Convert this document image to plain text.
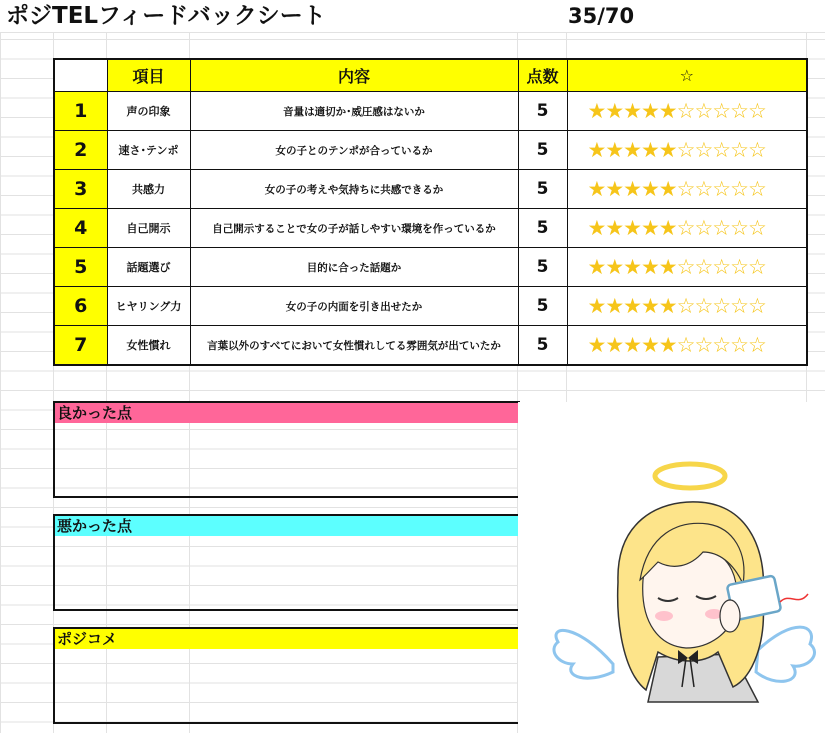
ポジTELフィードバックシート	35/70
	項目	内容	点数	☆
1	声の印象	音量は適切か･威圧感はないか	5	★★★★★☆☆☆☆☆
2	速さ･テンポ	女の子とのテンポが合っているか	5	★★★★★☆☆☆☆☆
3	共感力	女の子の考えや気持ちに共感できるか	5	★★★★★☆☆☆☆☆
4	自己開示	自己開示することで女の子が話しやすい環境を作っているか	5	★★★★★☆☆☆☆☆
5	話題選び	目的に合った話題か	5	★★★★★☆☆☆☆☆
6	ヒヤリング力	女の子の内面を引き出せたか	5	★★★★★☆☆☆☆☆
7	女性慣れ	言葉以外のすべてにおいて女性慣れしてる雰囲気が出ていたか	5	★★★★★☆☆☆☆☆
良かった点
悪かった点
ポジコメ
